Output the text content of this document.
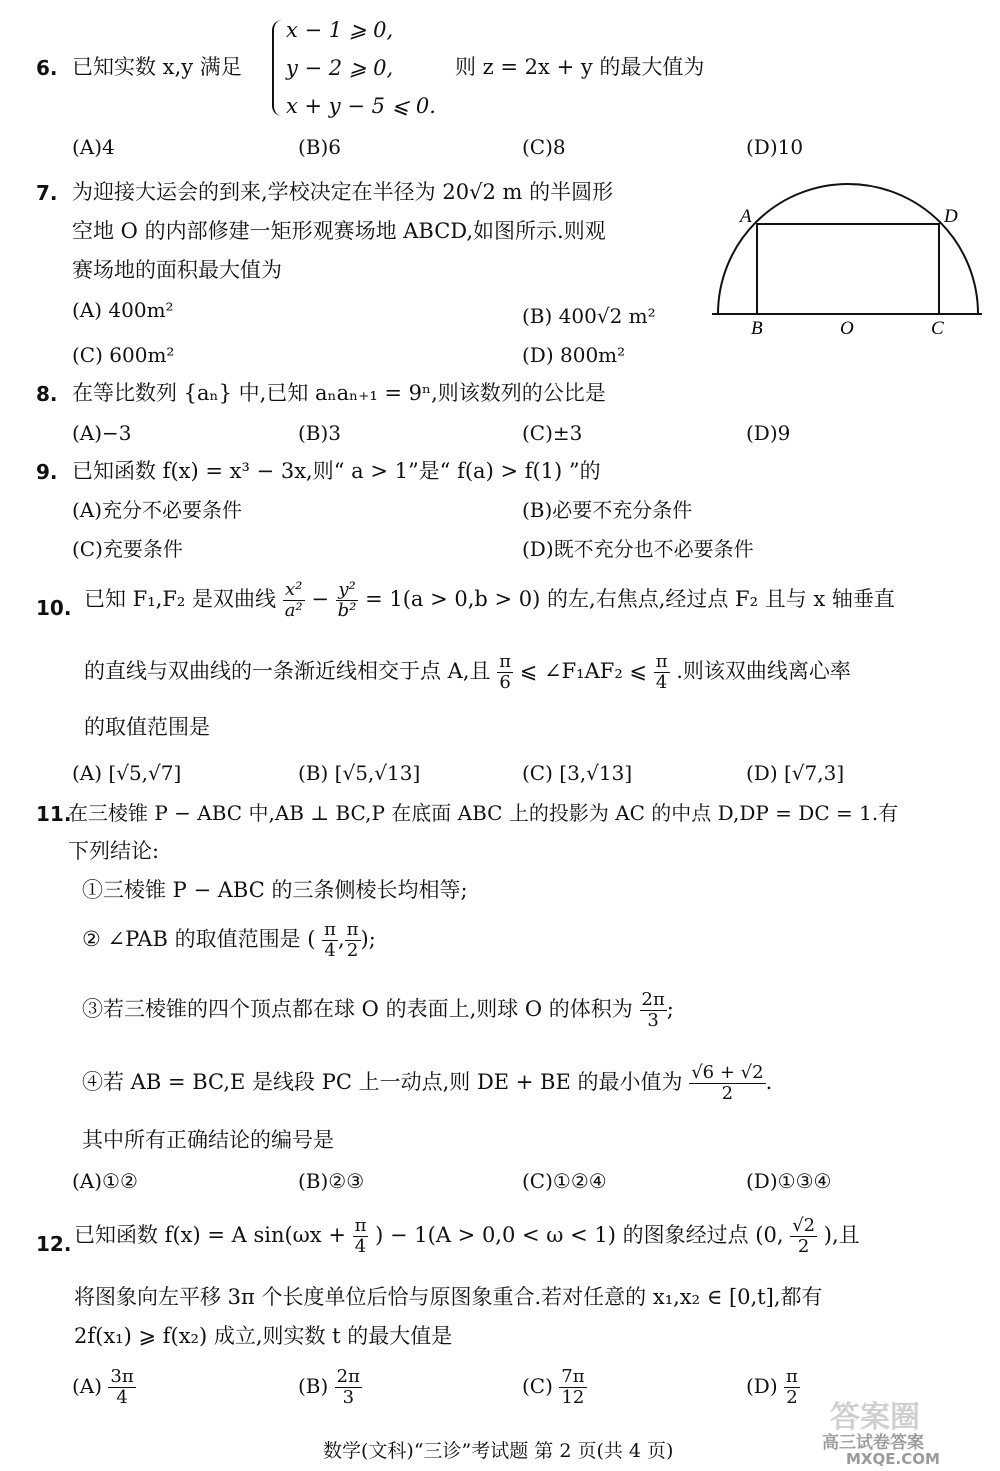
6. 已知实数 x,y 满足
x − 1 ⩾ 0,
y − 2 ⩾ 0,
x + y − 5 ⩽ 0.
则 z = 2x + y 的最大值为
(A)4	(B)6	(C)8	(D)10
7. 为迎接大运会的到来,学校决定在半径为 20√2 m 的半圆形
空地 O 的内部修建一矩形观赛场地 ABCD,如图所示.则观
赛场地的面积最大值为
(A) 400m²	(B) 400√2 m²
(C) 600m²	(D) 800m²
A	D
B	O	C
8. 在等比数列 {aₙ} 中,已知 aₙaₙ₊₁ = 9ⁿ,则该数列的公比是
(A)−3	(B)3	(C)±3	(D)9
9. 已知函数 f(x) = x³ − 3x,则“ a > 1”是“ f(a) > f(1) ”的
(A)充分不必要条件	(B)必要不充分条件
(C)充要条件	(D)既不充分也不必要条件
10. 已知 F₁,F₂ 是双曲线 $\frac{\text{x²}}{\text{a²}} - \frac{\text{y²}}{\text{b²}} = 1(a > 0,b > 0)$ 的左,右焦点,经过点 F₂ 且与 x 轴垂直
的直线与双曲线的一条渐近线相交于点 A,且 $\frac{\pi}{6}$ ⩽ ∠F₁AF₂ ⩽ $\frac{\pi}{4}$ .则该双曲线离心率
的取值范围是
(A) [√5,√7]	(B) [√5,√13]	(C) [3,√13]	(D) [√7,3]
11.
在三棱锥 P − ABC 中,AB ⊥ BC,P 在底面 ABC 上的投影为 AC 的中点 D,DP = DC = 1.有
下列结论:
①三棱锥 P − ABC 的三条侧棱长均相等;
② ∠PAB 的取值范围是 ( $\frac{\pi}{4}$ , $\frac{\pi}{2}$ );
③若三棱锥的四个顶点都在球 O 的表面上,则球 O 的体积为 $\frac{2\pi}{3}$ ;
④若 AB = BC,E 是线段 PC 上一动点,则 DE + BE 的最小值为 $\frac{√6 + √2}{2}$ .
其中所有正确结论的编号是
(A)①②	(B)②③	(C)①②④	(D)①③④
12. 已知函数 f(x) = A $\sin(\omega x + \frac{\pi}{4}$ ) − 1(A > 0,0 < ω < 1) 的图象经过点 (0, $\frac{√2}{2}$ ),且
将图象向左平移 3π 个长度单位后恰与原图象重合.若对任意的 x₁,x₂ ∈ [0,t],都有
2f(x₁) ⩾ f(x₂) 成立,则实数 t 的最大值是
$(A) \frac{3\pi}{4}$	$(B) \frac{2\pi}{3}$	$(C) \frac{7\pi}{12}$	$(D) \frac{\pi}{2}$
答案圈
高三试卷答案
MXQE.COM
数学(文科)“三诊”考试题 第 2 页(共 4 页)
